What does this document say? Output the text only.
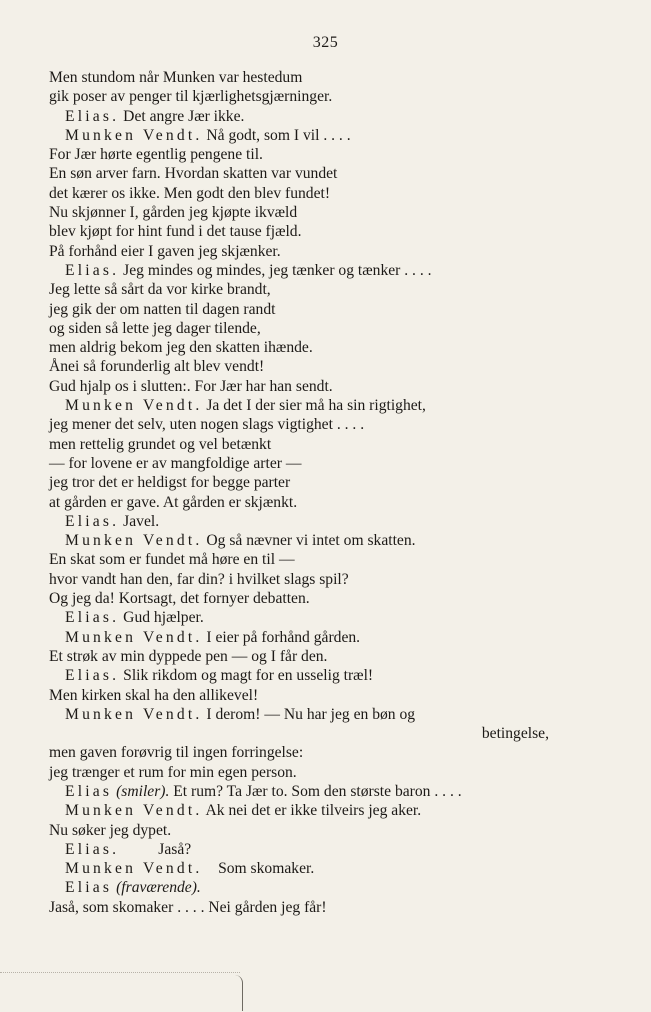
325
Men stundom når Munken var hestedum
gik poser av penger til kjærlighetsgjærninger.
Elias. Det angre Jær ikke.
Munken Vendt. Nå godt, som I vil . . . .
For Jær hørte egentlig pengene til.
En søn arver farn. Hvordan skatten var vundet
det kærer os ikke. Men godt den blev fundet!
Nu skjønner I, gården jeg kjøpte ikvæld
blev kjøpt for hint fund i det tause fjæld.
På forhånd eier I gaven jeg skjænker.
Elias. Jeg mindes og mindes, jeg tænker og tænker . . . .
Jeg lette så sårt da vor kirke brandt,
jeg gik der om natten til dagen randt
og siden så lette jeg dager tilende,
men aldrig bekom jeg den skatten ihænde.
Ånei så forunderlig alt blev vendt!
Gud hjalp os i slutten:. For Jær har han sendt.
Munken Vendt. Ja det I der sier må ha sin rigtighet,
jeg mener det selv, uten nogen slags vigtighet . . . .
men rettelig grundet og vel betænkt
— for lovene er av mangfoldige arter —
jeg tror det er heldigst for begge parter
at gården er gave. At gården er skjænkt.
Elias. Javel.
Munken Vendt. Og så nævner vi intet om skatten.
En skat som er fundet må høre en til —
hvor vandt han den, far din? i hvilket slags spil?
Og jeg da! Kortsagt, det fornyer debatten.
Elias. Gud hjælper.
Munken Vendt. I eier på forhånd gården.
Et strøk av min dyppede pen — og I får den.
Elias. Slik rikdom og magt for en usselig træl!
Men kirken skal ha den allikevel!
Munken Vendt. I derom! — Nu har jeg en bøn og
betingelse,
men gaven forøvrig til ingen forringelse:
jeg trænger et rum for min egen person.
Elias (smiler). Et rum? Ta Jær to. Som den største baron . . . .
Munken Vendt. Ak nei det er ikke tilveirs jeg aker.
Nu søker jeg dypet.
Elias.          Jaså?
Munken Vendt.    Som skomaker.
Elias (fraværende).
Jaså, som skomaker . . . . Nei gården jeg får!
